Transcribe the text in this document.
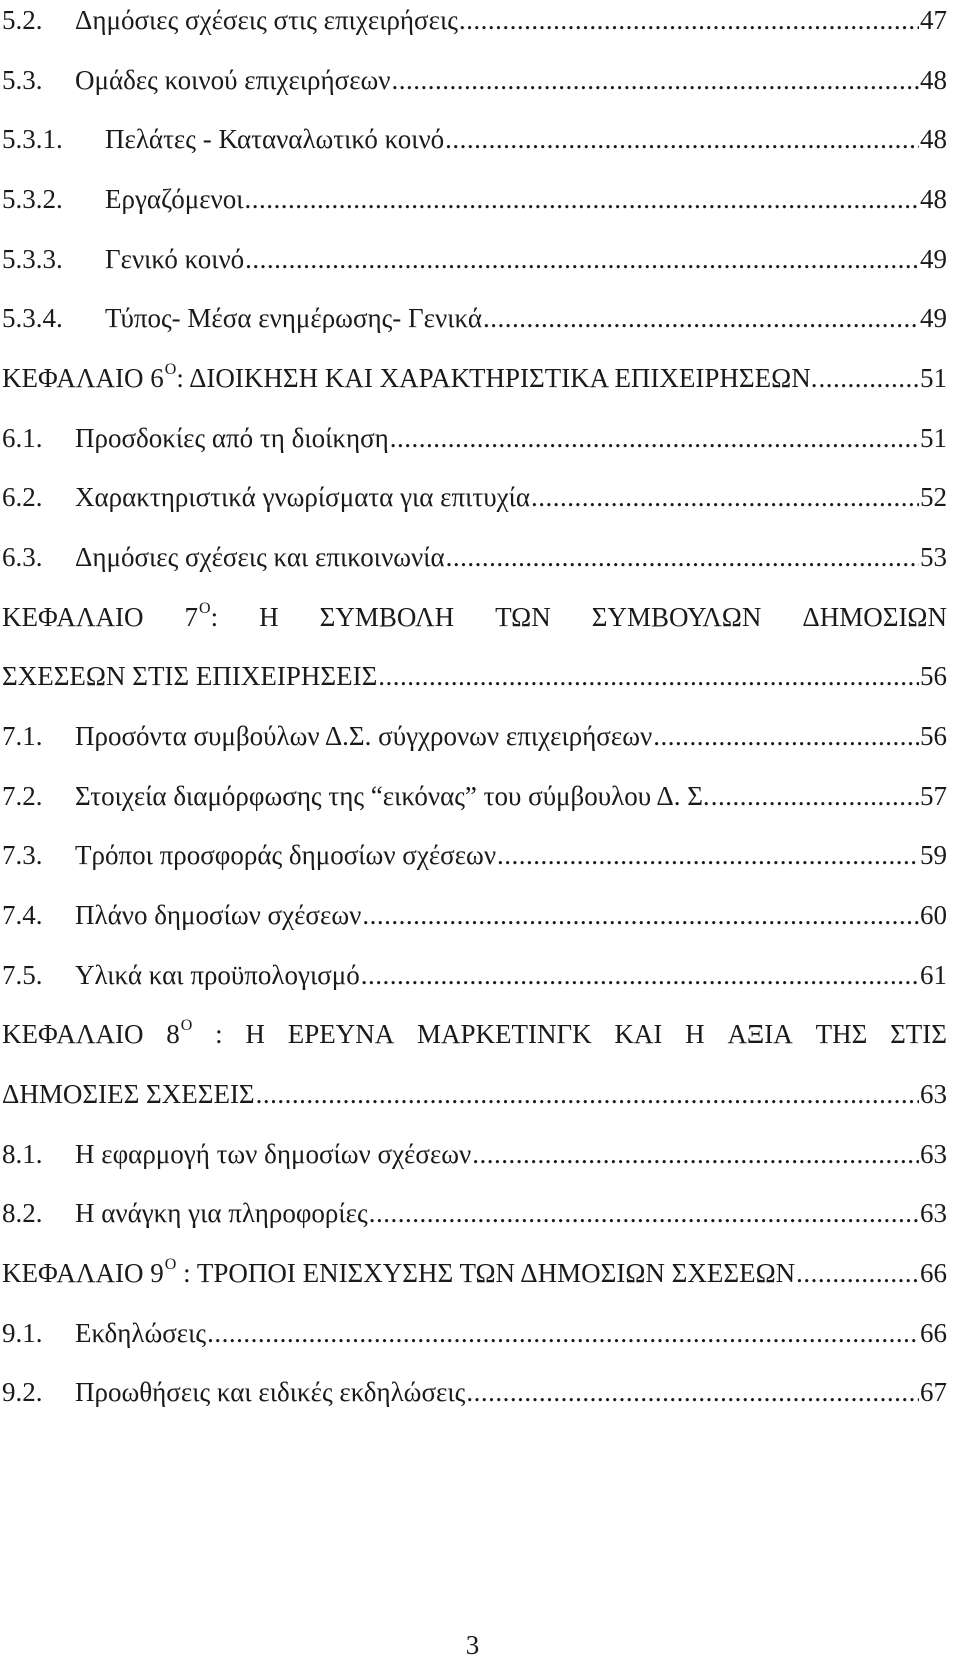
5.2.	Δημόσιες σχέσεις στις επιχειρήσεις .....	47
5.3.	Ομάδες κοινού επιχειρήσεων .....	48
5.3.1.	Πελάτες - Καταναλωτικό κοινό .....	48
5.3.2.	Εργαζόμενοι .....	48
5.3.3.	Γενικό κοινό .....	49
5.3.4.	Τύπος- Μέσα ενημέρωσης- Γενικά .....	49
ΚΕΦΑΛΑΙΟ 6 Ο : ΔΙΟΙΚΗΣΗ ΚΑΙ ΧΑΡΑΚΤΗΡΙΣΤΙΚΑ ΕΠΙΧΕΙΡΗΣΕΩΝ. .....	51
6.1.	Προσδοκίες από τη διοίκηση .....	51
6.2.	Χαρακτηριστικά γνωρίσματα για επιτυχία .....	52
6.3.	Δημόσιες σχέσεις και επικοινωνία .....	53
ΚΕΦΑΛΑΙΟ $7^O$: Η ΣΥΜΒΟΛΗ ΤΩΝ ΣΥΜΒΟΥΛΩΝ ΔΗΜΟΣΙΩΝ
ΣΧΕΣΕΩΝ ΣΤΙΣ ΕΠΙΧΕΙΡΗΣΕΙΣ .....	56
7.1.	Προσόντα συμβούλων Δ.Σ. σύγχρονων επιχειρήσεων .....	56
7.2.	Στοιχεία διαμόρφωσης της “εικόνας” του σύμβουλου Δ. Σ. .....	57
7.3.	Τρόποι προσφοράς δημοσίων σχέσεων .....	59
7.4.	Πλάνο δημοσίων σχέσεων .....	60
7.5.	Υλικά και προϋπολογισμό .....	61
ΚΕΦΑΛΑΙΟ $8^O$ : Η ΕΡΕΥΝΑ ΜΑΡΚΕΤΙΝΓΚ ΚΑΙ Η ΑΞΙΑ ΤΗΣ ΣΤΙΣ
ΔΗΜΟΣΙΕΣ ΣΧΕΣΕΙΣ .....	63
8.1.	Η εφαρμογή των δημοσίων σχέσεων .....	63
8.2.	Η ανάγκη για πληροφορίες .....	63
ΚΕΦΑΛΑΙΟ 9 Ο : ΤΡΟΠΟΙ ΕΝΙΣΧΥΣΗΣ ΤΩΝ ΔΗΜΟΣΙΩΝ ΣΧΕΣΕΩΝ .....	66
9.1.	Εκδηλώσεις .....	66
9.2.	Προωθήσεις και ειδικές εκδηλώσεις .....	67
3
